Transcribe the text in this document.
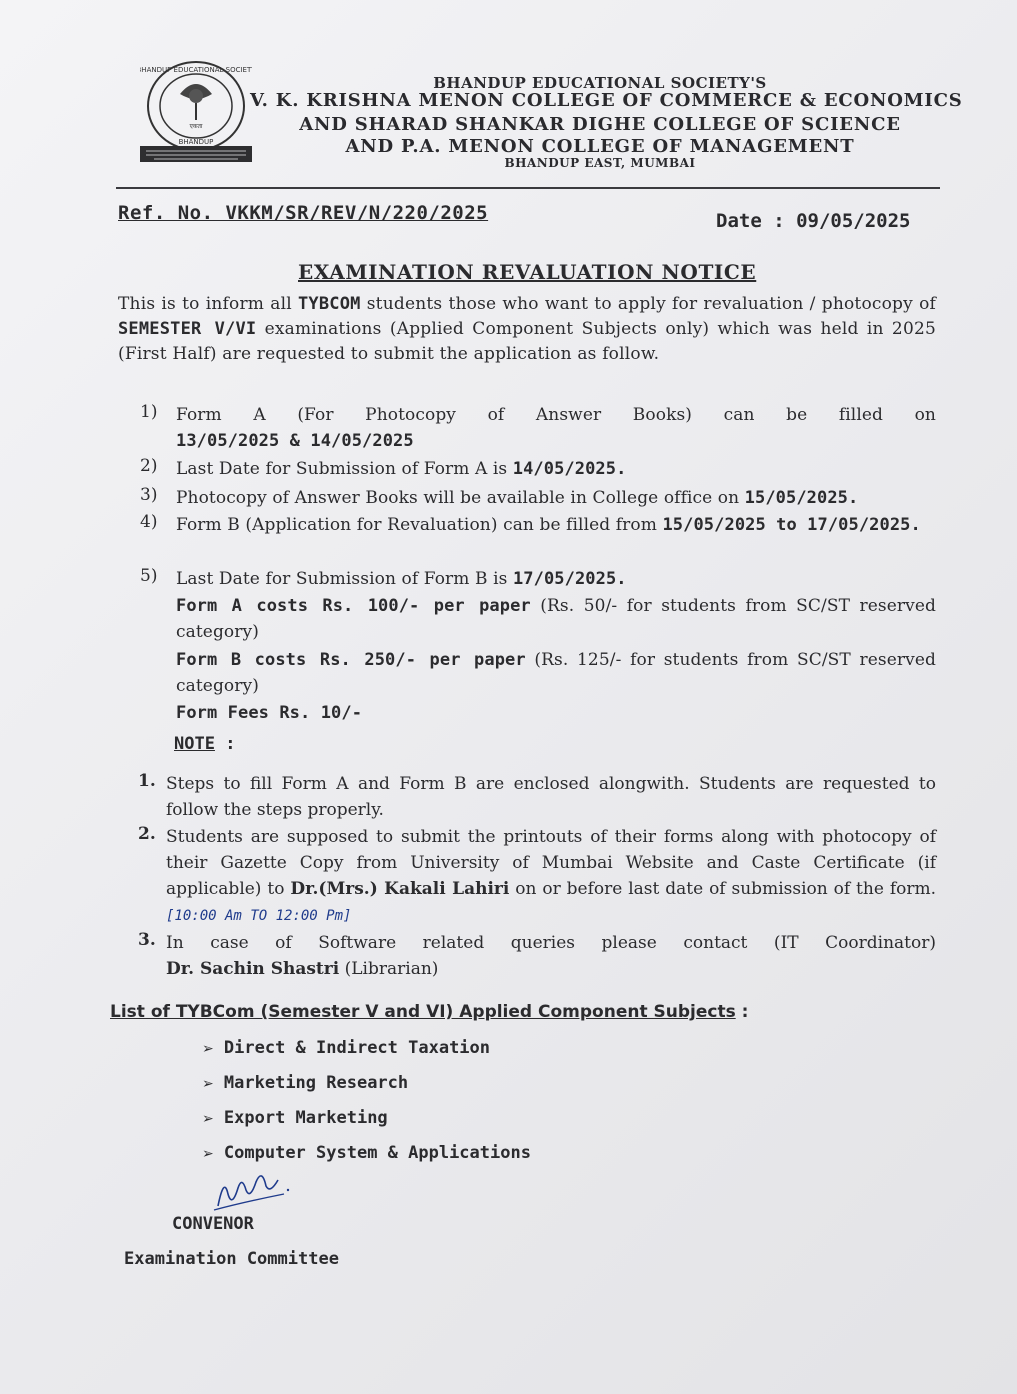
एकता
BHANDUP EDUCATIONAL SOCIETY
BHANDUP
BHANDUP EDUCATIONAL SOCIETY'S
V. K. KRISHNA MENON COLLEGE OF COMMERCE & ECONOMICS
AND SHARAD SHANKAR DIGHE COLLEGE OF SCIENCE
AND P.A. MENON COLLEGE OF MANAGEMENT
BHANDUP EAST, MUMBAI
Ref. No. VKKM/SR/REV/N/220/2025	Date : 09/05/2025
EXAMINATION REVALUATION NOTICE
This is to inform all TYBCOM students those who want to apply for revaluation / photocopy of SEMESTER V/VI examinations (Applied Component Subjects only) which was held in 2025 (First Half) are requested to submit the application as follow.
1) Form A (For Photocopy of Answer Books) can be filled on
13/05/2025 & 14/05/2025
2) Last Date for Submission of Form A is 14/05/2025.
3) Photocopy of Answer Books will be available in College office on 15/05/2025.
4) Form B (Application for Revaluation) can be filled from 15/05/2025 to 17/05/2025.
5) Last Date for Submission of Form B is 17/05/2025.
Form A costs Rs. 100/- per paper (Rs. 50/- for students from SC/ST reserved category)
Form B costs Rs. 250/- per paper (Rs. 125/- for students from SC/ST reserved category)
Form Fees Rs. 10/-
NOTE :
1. Steps to fill Form A and Form B are enclosed alongwith. Students are requested to follow the steps properly.
2. Students are supposed to submit the printouts of their forms along with photocopy of their Gazette Copy from University of Mumbai Website and Caste Certificate (if applicable) to Dr.(Mrs.) Kakali Lahiri on or before last date of submission of the form. [10:00 Am TO 12:00 Pm]
3. In case of Software related queries please contact (IT Coordinator)
Dr. Sachin Shastri (Librarian)
List of TYBCom (Semester V and VI) Applied Component Subjects :
➢ Direct & Indirect Taxation
➢ Marketing Research
➢ Export Marketing
➢ Computer System & Applications
CONVENOR
Examination Committee
